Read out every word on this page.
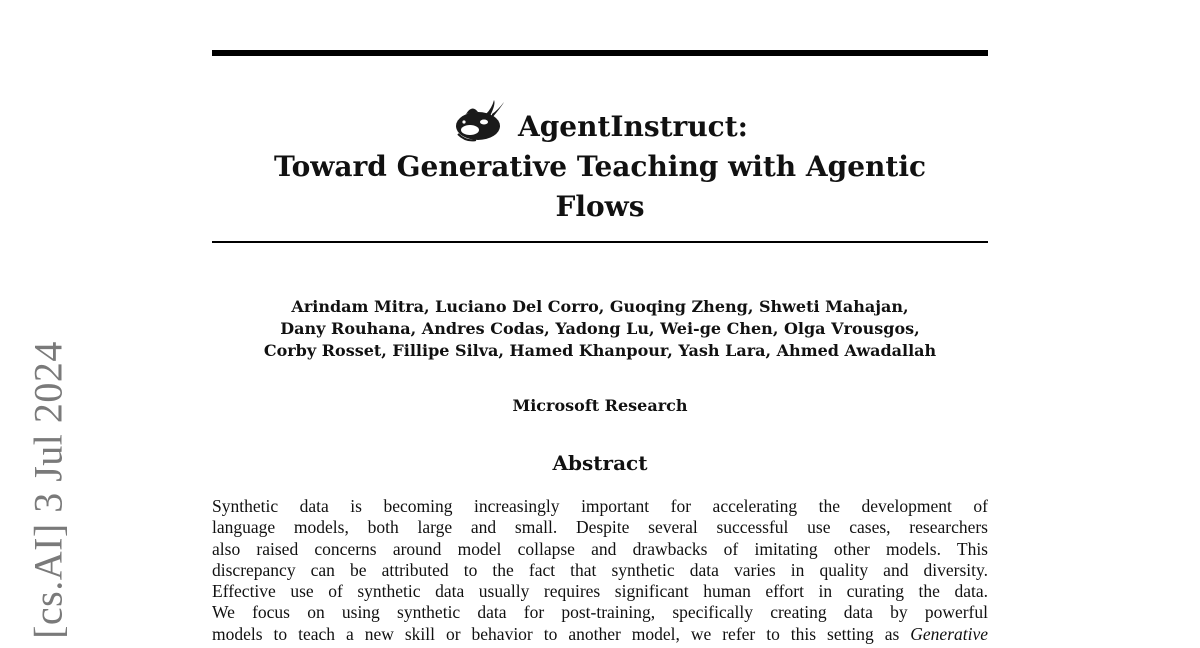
[cs.AI] 3 Jul 2024
AgentInstruct:
Toward Generative Teaching with Agentic
Flows
Arindam Mitra, Luciano Del Corro, Guoqing Zheng, Shweti Mahajan,
Dany Rouhana, Andres Codas, Yadong Lu, Wei-ge Chen, Olga Vrousgos,
Corby Rosset, Fillipe Silva, Hamed Khanpour, Yash Lara, Ahmed Awadallah
Microsoft Research
Abstract
Synthetic data is becoming increasingly important for accelerating the development of
language models, both large and small. Despite several successful use cases, researchers
also raised concerns around model collapse and drawbacks of imitating other models. This
discrepancy can be attributed to the fact that synthetic data varies in quality and diversity.
Effective use of synthetic data usually requires significant human effort in curating the data.
We focus on using synthetic data for post-training, specifically creating data by powerful
models to teach a new skill or behavior to another model, we refer to this setting as Generative
